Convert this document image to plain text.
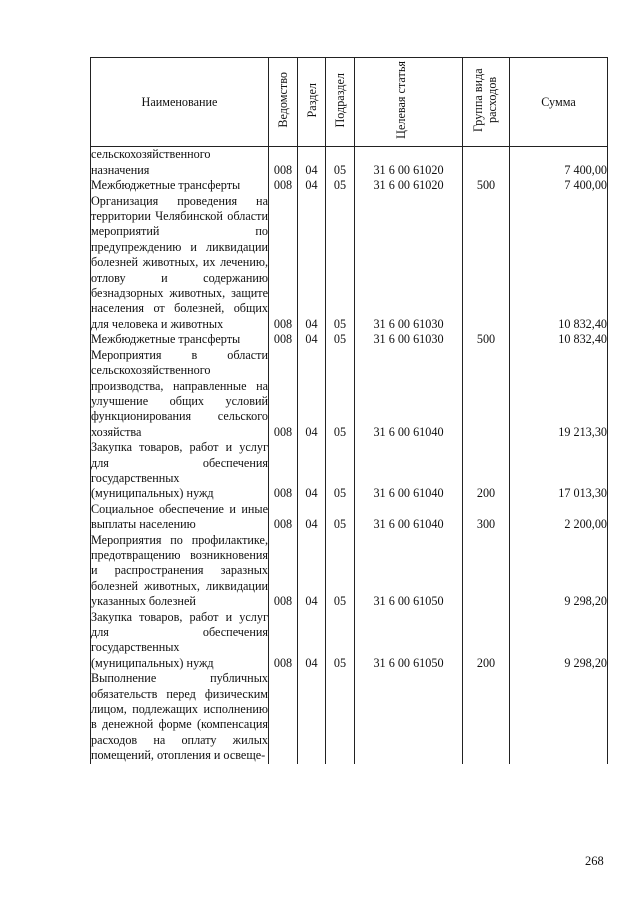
Наименование	Ведомство	Раздел	Подраздел	Целевая статья	Группа вида расходов	Сумма
сельскохозяйственного назначения	008	04	05	31 6 00 61020		7 400,00
Межбюджетные трансферты	008	04	05	31 6 00 61020	500	7 400,00
Организация проведения на территории Челябинской области мероприятий по предупреждению и ликвидации болезней животных, их лечению, отлову и содержанию безнадзорных животных, защите населения от болезней, общих для человека и животных	008	04	05	31 6 00 61030		10 832,40
Межбюджетные трансферты	008	04	05	31 6 00 61030	500	10 832,40
Мероприятия в области сельскохозяйственного производства, направленные на улучшение общих условий функционирования сельского хозяйства	008	04	05	31 6 00 61040		19 213,30
Закупка товаров, работ и услуг для обеспечения государственных (муниципальных) нужд	008	04	05	31 6 00 61040	200	17 013,30
Социальное обеспечение и иные выплаты населению	008	04	05	31 6 00 61040	300	2 200,00
Мероприятия по профилактике, предотвращению возникновения и распространения заразных болезней животных, ликвидации указанных болезней	008	04	05	31 6 00 61050		9 298,20
Закупка товаров, работ и услуг для обеспечения государственных (муниципальных) нужд	008	04	05	31 6 00 61050	200	9 298,20
Выполнение публичных обязательств перед физическим лицом, подлежащих исполнению в денежной форме (компенсация расходов на оплату жилых помещений, отопления и освеще-						
268
